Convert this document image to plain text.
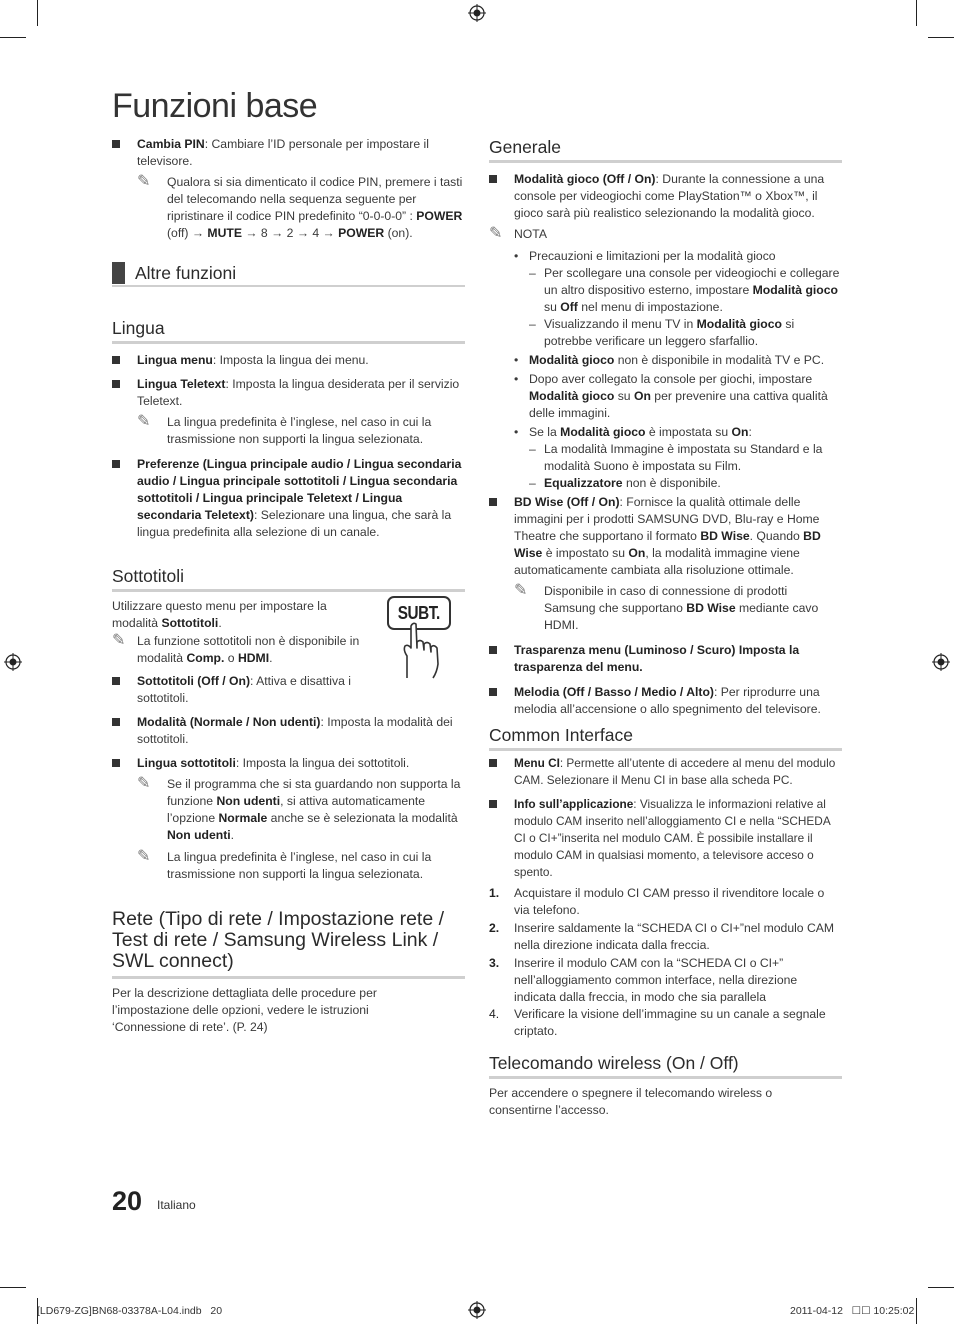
Funzioni base
Cambia PIN: Cambiare l’ID personale per impostare il televisore.
✎ Qualora si sia dimenticato il codice PIN, premere i tasti del telecomando nella sequenza seguente per ripristinare il codice PIN predefinito “0-0-0-0” : POWER (off) → MUTE → 8 → 2 → 4 → POWER (on).
Altre funzioni
Lingua
Lingua menu: Imposta la lingua dei menu.
Lingua Teletext: Imposta la lingua desiderata per il servizio Teletext.
✎ La lingua predefinita è l’inglese, nel caso in cui la trasmissione non supporti la lingua selezionata.
Preferenze (Lingua principale audio / Lingua secondaria audio / Lingua principale sottotitoli / Lingua secondaria sottotitoli / Lingua principale Teletext / Lingua secondaria Teletext): Selezionare una lingua, che sarà la lingua predefinita alla selezione di un canale.
Sottotitoli
Utilizzare questo menu per impostare la modalità Sottotitoli.
✎ La funzione sottotitoli non è disponibile in modalità Comp. o HDMI.
Sottotitoli (Off / On): Attiva e disattiva i sottotitoli.
SUBT.
Modalità (Normale / Non udenti): Imposta la modalità dei sottotitoli.
Lingua sottotitoli: Imposta la lingua dei sottotitoli.
✎ Se il programma che si sta guardando non supporta la funzione Non udenti, si attiva automaticamente l’opzione Normale anche se è selezionata la modalità Non udenti.
✎ La lingua predefinita è l’inglese, nel caso in cui la trasmissione non supporti la lingua selezionata.
Rete (Tipo di rete / Impostazione rete / Test di rete / Samsung Wireless Link / SWL connect)
Per la descrizione dettagliata delle procedure per l’impostazione delle opzioni, vedere le istruzioni ‘Connessione di rete’. (P. 24)
Generale
Modalità gioco (Off / On): Durante la connessione a una console per videogiochi come PlayStation™ o Xbox™, il gioco sarà più realistico selezionando la modalità gioco.
✎ NOTA
• Precauzioni e limitazioni per la modalità gioco
– Per scollegare una console per videogiochi e collegare un altro dispositivo esterno, impostare Modalità gioco su Off nel menu di impostazione.
– Visualizzando il menu TV in Modalità gioco si potrebbe verificare un leggero sfarfallio.
• Modalità gioco non è disponibile in modalità TV e PC.
• Dopo aver collegato la console per giochi, impostare Modalità gioco su On per prevenire una cattiva qualità delle immagini.
• Se la Modalità gioco è impostata su On:
– La modalità Immagine è impostata su Standard e la modalità Suono è impostata su Film.
– Equalizzatore non è disponibile.
BD Wise (Off / On): Fornisce la qualità ottimale delle immagini per i prodotti SAMSUNG DVD, Blu-ray e Home Theatre che supportano il formato BD Wise. Quando BD Wise è impostato su On, la modalità immagine viene automaticamente cambiata alla risoluzione ottimale.
✎ Disponibile in caso di connessione di prodotti Samsung che supportano BD Wise mediante cavo HDMI.
Trasparenza menu (Luminoso / Scuro) Imposta la trasparenza del menu.
Melodia (Off / Basso / Medio / Alto): Per riprodurre una melodia all’accensione o allo spegnimento del televisore.
Common Interface
Menu CI: Permette all’utente di accedere al menu del modulo CAM. Selezionare il Menu CI in base alla scheda PC.
Info sull’applicazione: Visualizza le informazioni relative al modulo CAM inserito nell’alloggiamento CI e nella “SCHEDA CI o CI+”inserita nel modulo CAM. È possibile installare il modulo CAM in qualsiasi momento, a televisore acceso o spento.
1. Acquistare il modulo CI CAM presso il rivenditore locale o via telefono.
2. Inserire saldamente la “SCHEDA CI o CI+”nel modulo CAM nella direzione indicata dalla freccia.
3. Inserire il modulo CAM con la “SCHEDA CI o CI+” nell’alloggiamento common interface, nella direzione indicata dalla freccia, in modo che sia parallela
4. Verificare la visione dell’immagine su un canale a segnale criptato.
Telecomando wireless (On / Off)
Per accendere o spegnere il telecomando wireless o consentirne l’accesso.
20 Italiano
[LD679-ZG]BN68-03378A-L04.indb   20	2011-04-12   ☐☐ 10:25:02
